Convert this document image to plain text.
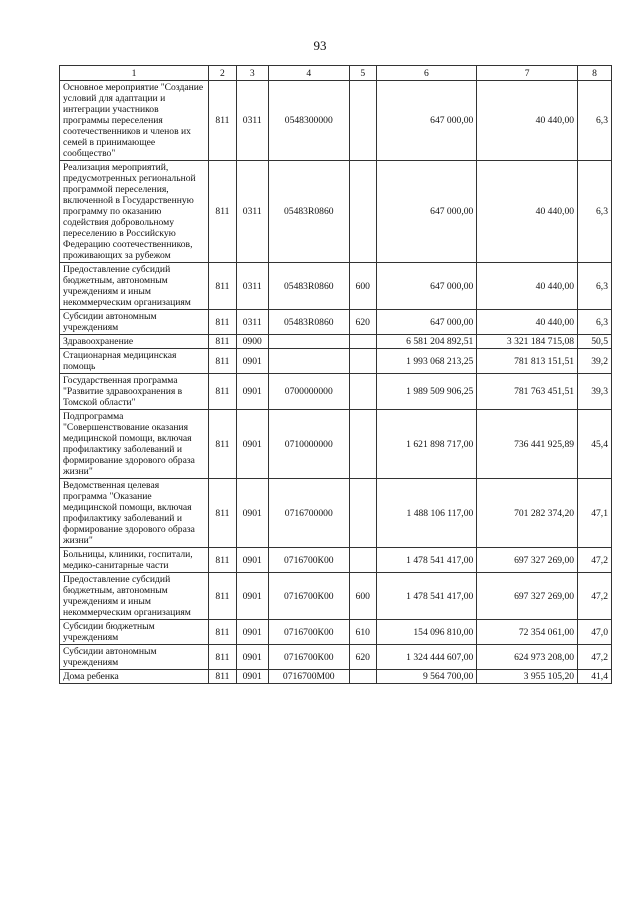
93
1	2	3	4	5	6	7	8
Основное мероприятие "Создание условий для адаптации и интеграции участников программы переселения соотечественников и членов их семей в принимающее сообщество"	811	0311	0548300000		647 000,00	40 440,00	6,3
Реализация мероприятий, предусмотренных региональной программой переселения, включенной в Государственную программу по оказанию содействия добровольному переселению в Российскую Федерацию соотечественников, проживающих за рубежом	811	0311	05483R0860		647 000,00	40 440,00	6,3
Предоставление субсидий бюджетным, автономным учреждениям и иным некоммерческим организациям	811	0311	05483R0860	600	647 000,00	40 440,00	6,3
Субсидии автономным учреждениям	811	0311	05483R0860	620	647 000,00	40 440,00	6,3
Здравоохранение	811	0900			6 581 204 892,51	3 321 184 715,08	50,5
Стационарная медицинская помощь	811	0901			1 993 068 213,25	781 813 151,51	39,2
Государственная программа "Развитие здравоохранения в Томской области"	811	0901	0700000000		1 989 509 906,25	781 763 451,51	39,3
Подпрограмма "Совершенствование оказания медицинской помощи, включая профилактику заболеваний и формирование здорового образа жизни"	811	0901	0710000000		1 621 898 717,00	736 441 925,89	45,4
Ведомственная целевая программа "Оказание медицинской помощи, включая профилактику заболеваний и формирование здорового образа жизни"	811	0901	0716700000		1 488 106 117,00	701 282 374,20	47,1
Больницы, клиники, госпитали, медико-санитарные части	811	0901	0716700К00		1 478 541 417,00	697 327 269,00	47,2
Предоставление субсидий бюджетным, автономным учреждениям и иным некоммерческим организациям	811	0901	0716700К00	600	1 478 541 417,00	697 327 269,00	47,2
Субсидии бюджетным учреждениям	811	0901	0716700К00	610	154 096 810,00	72 354 061,00	47,0
Субсидии автономным учреждениям	811	0901	0716700К00	620	1 324 444 607,00	624 973 208,00	47,2
Дома ребенка	811	0901	0716700М00		9 564 700,00	3 955 105,20	41,4
